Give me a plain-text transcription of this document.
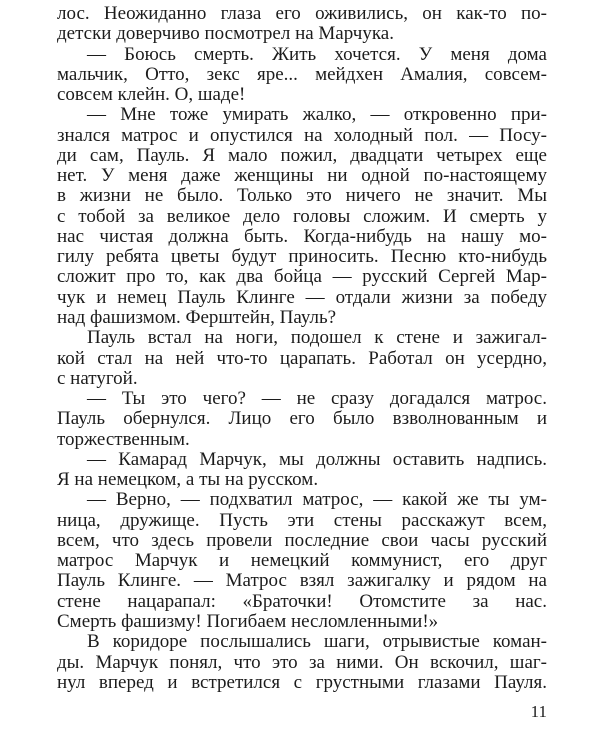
лос. Неожиданно глаза его оживились, он как-то по-
детски доверчиво посмотрел на Марчука.
— Боюсь смерть. Жить хочется. У меня дома
мальчик, Отто, зекс яре... мейдхен Амалия, совсем-
совсем клейн. О, шаде!
— Мне тоже умирать жалко, — откровенно при-
знался матрос и опустился на холодный пол. — Посу-
ди сам, Пауль. Я мало пожил, двадцати четырех еще
нет. У меня даже женщины ни одной по-настоящему
в жизни не было. Только это ничего не значит. Мы
с тобой за великое дело головы сложим. И смерть у
нас чистая должна быть. Когда-нибудь на нашу мо-
гилу ребята цветы будут приносить. Песню кто-нибудь
сложит про то, как два бойца — русский Сергей Мар-
чук и немец Пауль Клинге — отдали жизни за победу
над фашизмом. Ферштейн, Пауль?
Пауль встал на ноги, подошел к стене и зажигал-
кой стал на ней что-то царапать. Работал он усердно,
с натугой.
— Ты это чего? — не сразу догадался матрос.
Пауль обернулся. Лицо его было взволнованным и
торжественным.
— Камарад Марчук, мы должны оставить надпись.
Я на немецком, а ты на русском.
— Верно, — подхватил матрос, — какой же ты ум-
ница, дружище. Пусть эти стены расскажут всем,
всем, что здесь провели последние свои часы русский
матрос Марчук и немецкий коммунист, его друг
Пауль Клинге. — Матрос взял зажигалку и рядом на
стене нацарапал: «Браточки! Отомстите за нас.
Смерть фашизму! Погибаем несломленными!»
В коридоре послышались шаги, отрывистые коман-
ды. Марчук понял, что это за ними. Он вскочил, шаг-
нул вперед и встретился с грустными глазами Пауля.
11
